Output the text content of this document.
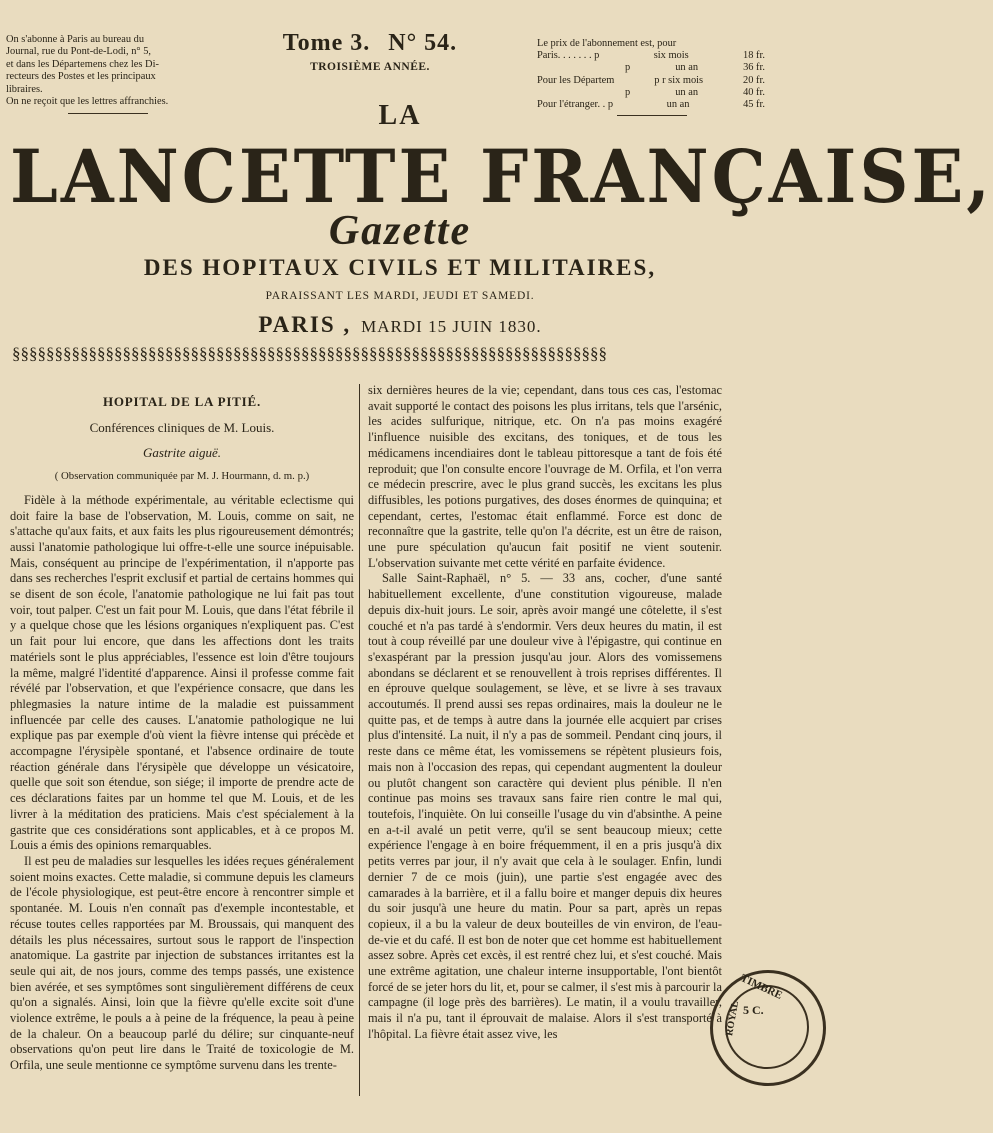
On s'abonne à Paris au bureau du
Journal, rue du Pont-de-Lodi, n° 5,
et dans les Départemens chez les Di-
recteurs des Postes et les principaux
libraires.
On ne reçoit que les lettres affranchies.
Tome 3. N° 54.
TROISIÈME ANNÉE.
Le prix de l'abonnement est, pour
Paris. . . . . . . p	six mois	18 fr.
p	un an	36 fr.
Pour les Départem	p r six mois	20 fr.
p	un an	40 fr.
Pour l'étranger. . p	un an	45 fr.
LA
LANCETTE FRANÇAISE,
Gazette
DES HOPITAUX CIVILS ET MILITAIRES,
PARAISSANT LES MARDI, JEUDI ET SAMEDI.
PARIS , MARDI 15 JUIN 1830.
§§§§§§§§§§§§§§§§§§§§§§§§§§§§§§§§§§§§§§§§§§§§§§§§§§§§§§§§§§§§§§§§§§§§§§
HOPITAL DE LA PITIÉ.
Conférences cliniques de M. Louis.
Gastrite aiguë.
( Observation communiquée par M. J. Hourmann, d. m. p.)

Fidèle à la méthode expérimentale, au véritable eclectisme qui doit faire la base de l'observation, M. Louis, comme on sait, ne s'attache qu'aux faits, et aux faits les plus rigoureusement démontrés; aussi l'anatomie pathologique lui offre-t-elle une source inépuisable. Mais, conséquent au principe de l'expérimentation, il n'apporte pas dans ses recherches l'esprit exclusif et partial de certains hommes qui se disent de son école, l'anatomie pathologique ne lui fait pas tout voir, tout palper. C'est un fait pour M. Louis, que dans l'état fébrile il y a quelque chose que les lésions organiques n'expliquent pas. C'est un fait pour lui encore, que dans les affections dont les traits matériels sont le plus appréciables, l'essence est loin d'être toujours la même, malgré l'identité d'apparence. Ainsi il professe comme fait révélé par l'observation, et que l'expérience consacre, que dans les phlegmasies la nature intime de la maladie est puissamment influencée par celle des causes. L'anatomie pathologique ne lui explique pas par exemple d'où vient la fièvre intense qui précède et accompagne l'érysipèle spontané, et l'absence ordinaire de toute réaction générale dans l'érysipèle que développe un vésicatoire, quelle que soit son étendue, son siége; il importe de prendre acte de ces déclarations faites par un homme tel que M. Louis, et de les livrer à la méditation des praticiens. Mais c'est spécialement à la gastrite que ces considérations sont applicables, et à ce propos M. Louis a émis des opinions remarquables.

Il est peu de maladies sur lesquelles les idées reçues généralement soient moins exactes. Cette maladie, si commune depuis les clameurs de l'école physiologique, est peut-être encore à rencontrer simple et spontanée. M. Louis n'en connaît pas d'exemple incontestable, et récuse toutes celles rapportées par M. Broussais, qui manquent des détails les plus nécessaires, surtout sous le rapport de l'inspection anatomique. La gastrite par injection de substances irritantes est la seule qui ait, de nos jours, comme des temps passés, une existence bien avérée, et ses symptômes sont singulièrement différens de ceux qu'on a signalés. Ainsi, loin que la fièvre qu'elle excite soit d'une violence extrême, le pouls a à peine de la fréquence, la peau à peine de la chaleur. On a beaucoup parlé du délire; sur cinquante-neuf observations qu'on peut lire dans le Traité de toxicologie de M. Orfila, une seule mentionne ce symptôme survenu dans les trente-

six dernières heures de la vie; cependant, dans tous ces cas, l'estomac avait supporté le contact des poisons les plus irritans, tels que l'arsénic, les acides sulfurique, nitrique, etc. On n'a pas moins exagéré l'influence nuisible des excitans, des toniques, et de tous les médicamens incendiaires dont le tableau pittoresque a tant de fois été reproduit; que l'on consulte encore l'ouvrage de M. Orfila, et l'on verra ce médecin prescrire, avec le plus grand succès, les excitans les plus diffusibles, les potions purgatives, des doses énormes de quinquina; et cependant, certes, l'estomac était enflammé. Force est donc de reconnaître que la gastrite, telle qu'on l'a décrite, est un être de raison, une pure spéculation qu'aucun fait positif ne vient soutenir. L'observation suivante met cette vérité en parfaite évidence.

Salle Saint-Raphaël, n° 5. — 33 ans, cocher, d'une santé habituellement excellente, d'une constitution vigoureuse, malade depuis dix-huit jours. Le soir, après avoir mangé une côtelette, il s'est couché et n'a pas tardé à s'endormir. Vers deux heures du matin, il est tout à coup réveillé par une douleur vive à l'épigastre, qui continue en s'exaspérant par la pression jusqu'au jour. Alors des vomissemens abondans se déclarent et se renouvellent à trois reprises différentes. Il en éprouve quelque soulagement, se lève, et se livre à ses travaux accoutumés. Il prend aussi ses repas ordinaires, mais la douleur ne le quitte pas, et de temps à autre dans la journée elle acquiert par crises plus d'intensité. La nuit, il n'y a pas de sommeil. Pendant cinq jours, il reste dans ce même état, les vomissemens se répètent plusieurs fois, mais non à l'occasion des repas, qui cependant augmentent la douleur ou plutôt changent son caractère qui devient plus pénible. Il n'en continue pas moins ses travaux sans faire rien contre le mal qui, toutefois, l'inquiète. On lui conseille l'usage du vin d'absinthe. A peine en a-t-il avalé un petit verre, qu'il se sent beaucoup mieux; cette expérience l'engage à en boire fréquemment, il en a pris jusqu'à dix petits verres par jour, il n'y avait que cela à le soulager. Enfin, lundi dernier 7 de ce mois (juin), une partie s'est engagée avec des camarades à la barrière, et il a fallu boire et manger depuis dix heures du soir jusqu'à une heure du matin. Pour sa part, après un repas copieux, il a bu la valeur de deux bouteilles de vin environ, de l'eau-de-vie et du café. Il est bon de noter que cet homme est habituellement assez sobre. Après cet excès, il est rentré chez lui, et s'est couché. Mais une extrême agitation, une chaleur interne insupportable, l'ont bientôt forcé de se jeter hors du lit, et, pour se calmer, il s'est mis à parcourir la campagne (il loge près des barrières). Le matin, il a voulu travailler, mais il n'a pu, tant il éprouvait de malaise. Alors il s'est transporté à l'hôpital. La fièvre était assez vive, les

TIMBRE
ROYAL 5 C.
